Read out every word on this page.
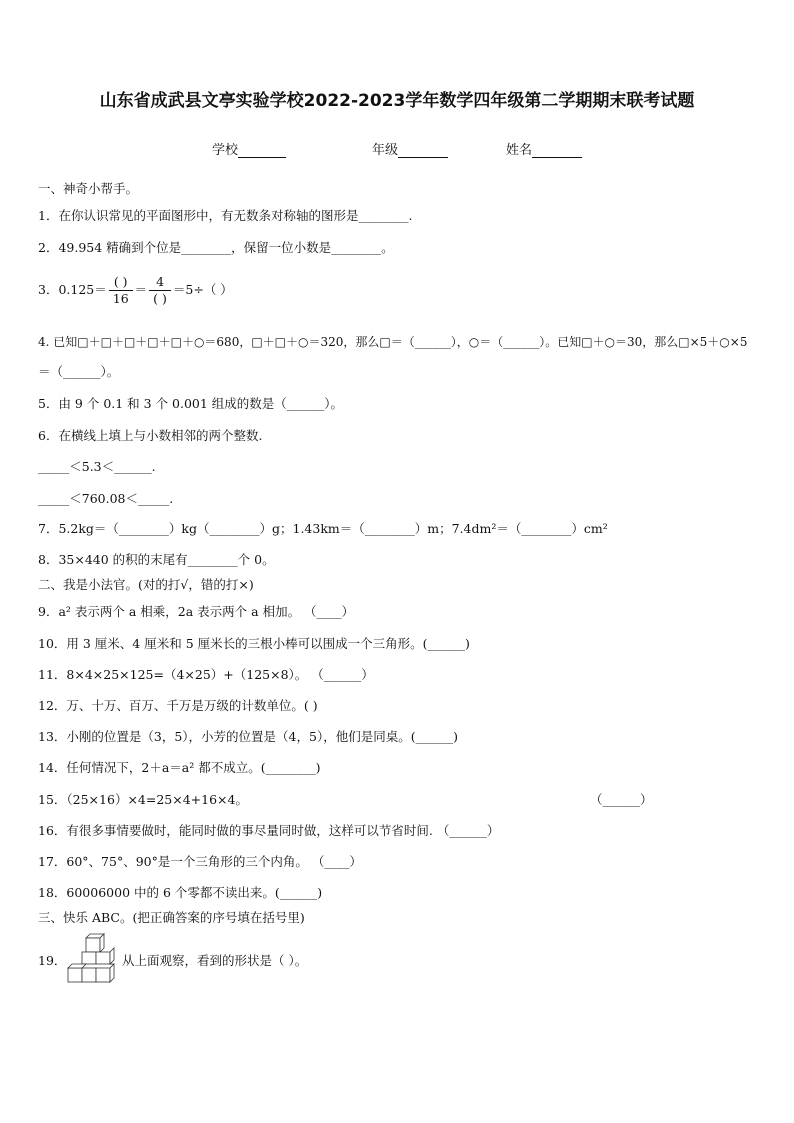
山东省成武县文亭实验学校2022-2023学年数学四年级第二学期期末联考试题
学校	年级	姓名
一、神奇小帮手。
1．在你认识常见的平面图形中，有无数条对称轴的图形是________.
2．49.954 精确到个位是________，保留一位小数是________。
3．$0.125= \frac{( )}{16} = \frac{4}{( )} =5\div$（ ）
4. 已知□＋□＋□＋□＋□＋○＝680，□＋□＋○＝320，那么□＝（______），○＝（______）。已知□＋○＝30，那么□×5＋○×5
＝（______）。
5．由 9 个 0.1 和 3 个 0.001 组成的数是（______）。
6．在横线上填上与小数相邻的两个整数.
_____＜5.3＜______.
_____＜760.08＜_____.
7．5.2kg＝（________）kg（________）g；1.43km＝（________）m；7.4dm²＝（________）cm²
8．35×440 的积的末尾有________个 0。
二、我是小法官。(对的打√，错的打×)
9．a² 表示两个 a 相乘，2a 表示两个 a 相加。 （____）
10．用 3 厘米、4 厘米和 5 厘米长的三根小棒可以围成一个三角形。(______)
11．8×4×25×125=（4×25）+（125×8）。 （______）
12．万、十万、百万、千万是万级的计数单位。( )
13．小刚的位置是（3，5），小芳的位置是（4，5），他们是同桌。(______)
14．任何情况下，2＋a＝a² 都不成立。(________)
15．（25×16）×4=25×4+16×4。	（______）
16．有很多事情要做时，能同时做的事尽量同时做，这样可以节省时间. （______）
17．60°、75°、90°是一个三角形的三个内角。 （____）
18．60006000 中的 6 个零都不读出来。(______)
三、快乐 ABC。(把正确答案的序号填在括号里)
19．	从上面观察，看到的形状是（ ）。
